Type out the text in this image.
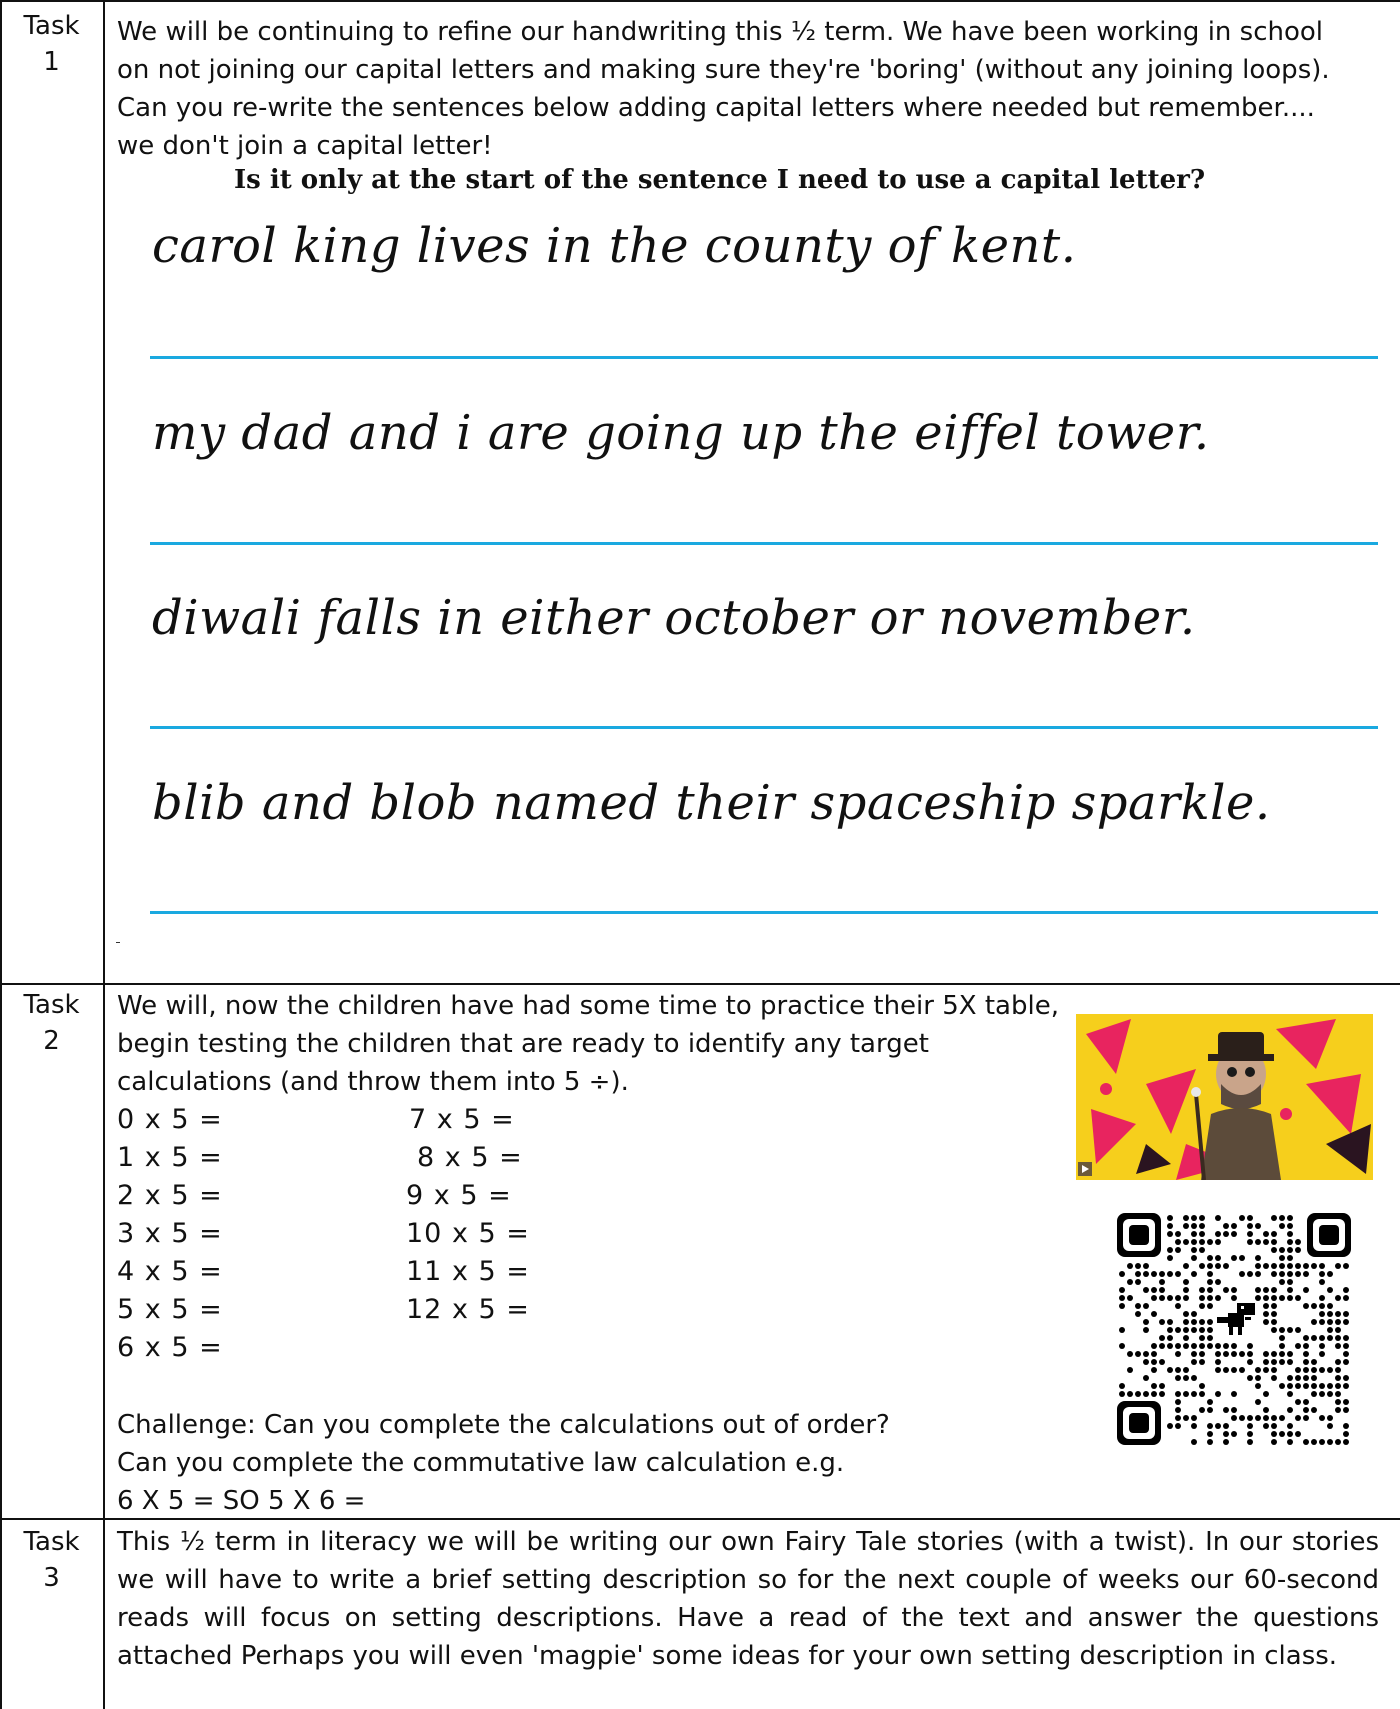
Task
1

We will be continuing to refine our handwriting this ½ term. We have been working in school on not joining our capital letters and making sure they're 'boring' (without any joining loops). Can you re-write the sentences below adding capital letters where needed but remember.... we don't join a capital letter!

Is it only at the start of the sentence I need to use a capital letter?
carol king lives in the county of kent.
my dad and i are going up the eiffel tower.
diwali falls in either october or november.
blib and blob named their spaceship sparkle.
Task
2

We will, now the children have had some time to practice their 5X table, begin testing the children that are ready to identify any target calculations (and throw them into 5 ÷).

0 x 5 =
1 x 5 =
2 x 5 =
3 x 5 =
4 x 5 =
5 x 5 =
6 x 5 =
7 x 5 =
8 x 5 =
9 x 5 =
10 x 5 =
11 x 5 =
12 x 5 =
Challenge: Can you complete the calculations out of order?
Can you complete the commutative law calculation e.g.
6 X 5 = SO 5 X 6 =
Task
3

This ½ term in literacy we will be writing our own Fairy Tale stories (with a twist). In our stories we will have to write a brief setting description so for the next couple of weeks our 60-second reads will focus on setting descriptions. Have a read of the text and answer the questions attached Perhaps you will even 'magpie' some ideas for your own setting description in class.
